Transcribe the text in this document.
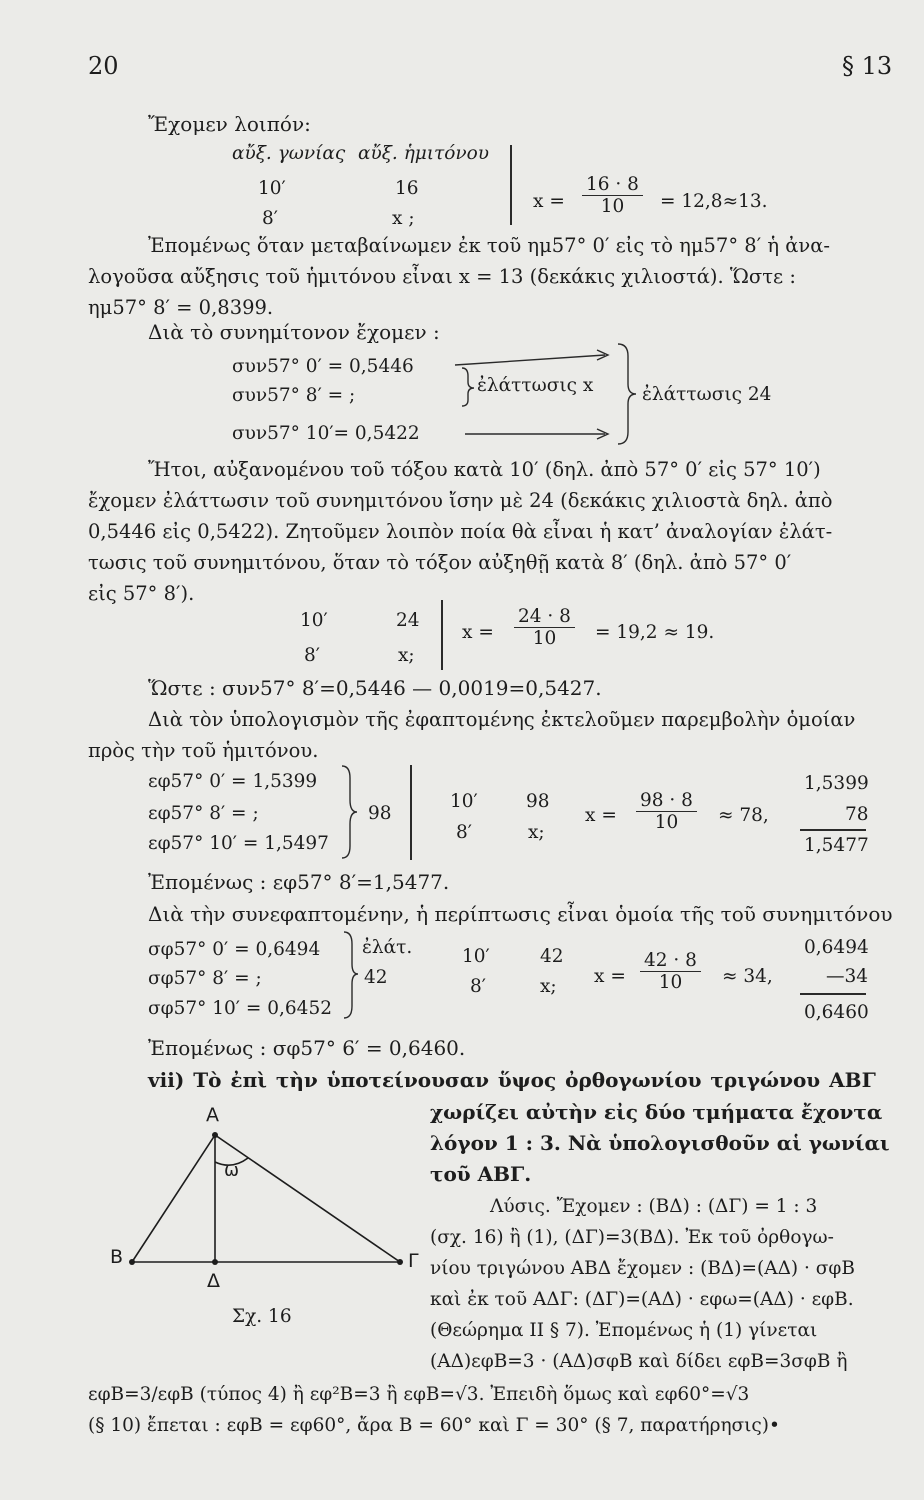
20	§ 13
Ἔχομεν λοιπόν:
αὔξ. γωνίας αὔξ. ἡμιτόνου
10′	16
8′	x ;
$x = \frac{16 \cdot 8}{10} = 12,8\approx 13$.

Ἐπομένως ὅταν μεταβαίνωμεν ἐκ τοῦ ημ57° 0′ εἰς τὸ ημ57° 8′ ἡ ἀνα-

λογοῦσα αὔξησις τοῦ ἡμιτόνου εἶναι x = 13 (δεκάκις χιλιοστά). Ὥστε :

ημ57° 8′ = 0,8399.

Διὰ τὸ συνημίτονον ἔχομεν :
συν57° 0′ = 0,5446
συν57° 8′ = ;
συν57° 10′= 0,5422
ἐλάττωσις x	ἐλάττωσις 24

Ἤτοι, αὐξανομένου τοῦ τόξου κατὰ 10′ (δηλ. ἀπὸ 57° 0′ εἰς 57° 10′)

ἔχομεν ἐλάττωσιν τοῦ συνημιτόνου ἴσην μὲ 24 (δεκάκις χιλιοστὰ δηλ. ἀπὸ

0,5446 εἰς 0,5422). Ζητοῦμεν λοιπὸν ποία θὰ εἶναι ἡ κατ’ ἀναλογίαν ἐλάτ-

τωσις τοῦ συνημιτόνου, ὅταν τὸ τόξον αὐξηθῇ κατὰ 8′ (δηλ. ἀπὸ 57° 0′

εἰς 57° 8′).

10′	24
8′	x;
$x = \frac{24 \cdot 8}{10} = 19,2 \approx 19$.
Ὥστε : συν57° 8′=0,5446 — 0,0019=0,5427.

Διὰ τὸν ὑπολογισμὸν τῆς ἐφαπτομένης ἐκτελοῦμεν παρεμβολὴν ὁμοίαν

πρὸς τὴν τοῦ ἡμιτόνου.

εφ57° 0′ = 1,5399
εφ57° 8′ = ;
εφ57° 10′ = 1,5497
98
10′	98
8′	x;
$x = \frac{98 \cdot 8}{10} \approx 78$,
1,5399
78
1,5477
Ἐπομένως : εφ57° 8′=1,5477.
Διὰ τὴν συνεφαπτομένην, ἡ περίπτωσις εἶναι ὁμοία τῆς τοῦ συνημιτόνου
σφ57° 0′ = 0,6494
σφ57° 8′ = ;
σφ57° 10′ = 0,6452
ἐλάτ.
42
10′	42
8′	x; $x = \frac{42 \cdot 8}{10} \approx 34$,
0,6494
—34
0,6460
Ἐπομένως : σφ57° 6′ = 0,6460.
vii) Τὸ ἐπὶ τὴν ὑποτείνουσαν ὕψος ὀρθογωνίου τριγώνου ΑΒΓ
χωρίζει αὐτὴν εἰς δύο τμήματα ἔχοντα
λόγον 1 : 3. Νὰ ὑπολογισθοῦν αἱ γωνίαι
τοῦ ΑΒΓ.
Λύσις. Ἔχομεν : (ΒΔ) : (ΔΓ) = 1 : 3
(σχ. 16) ἢ (1), (ΔΓ)=3(ΒΔ). Ἐκ τοῦ ὀρθογω-
νίου τριγώνου ΑΒΔ ἔχομεν : (ΒΔ)=(ΑΔ) · σφΒ
καὶ ἐκ τοῦ ΑΔΓ: (ΔΓ)=(ΑΔ) · εφω=(ΑΔ) · εφΒ.
(Θεώρημα ΙΙ § 7). Ἐπομένως ἡ (1) γίνεται
(ΑΔ)εφΒ=3 · (ΑΔ)σφΒ καὶ δίδει εφΒ=3σφΒ ἢ
εφΒ=3/εφΒ (τύπος 4) ἢ εφ²Β=3 ἢ εφΒ=√3. Ἐπειδὴ ὅμως καὶ εφ60°=√3
(§ 10) ἔπεται : εφΒ = εφ60°, ἄρα Β = 60° καὶ Γ = 30° (§ 7, παρατήρησις)•
Α
Β	Γ
Δ
ω
Σχ. 16
